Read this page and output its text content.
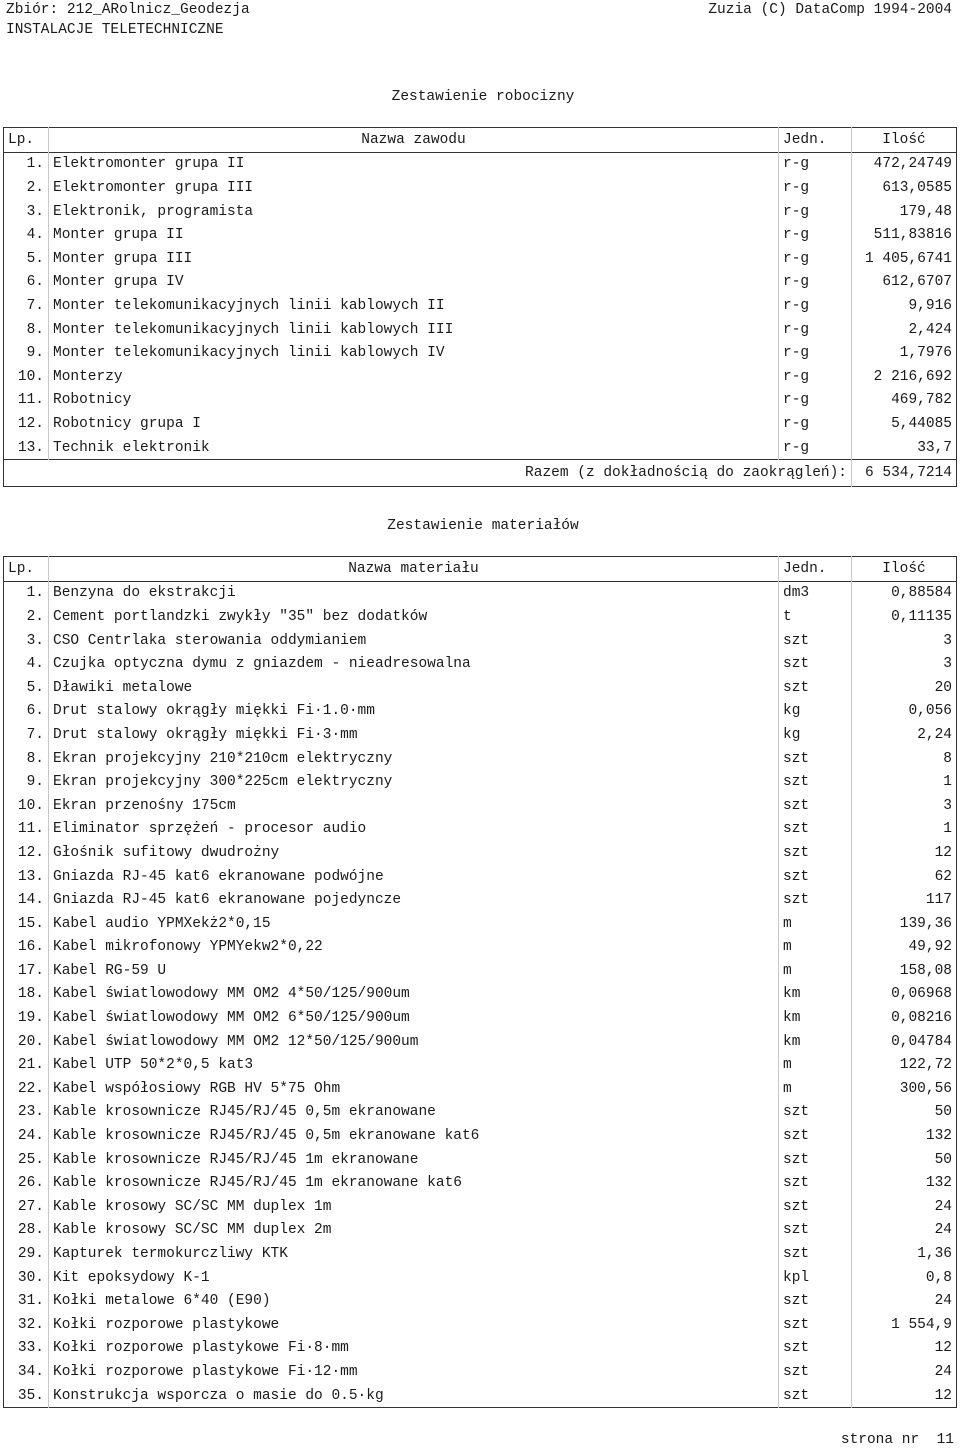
Zbiór: 212_ARolnicz_Geodezja
INSTALACJE TELETECHNICZNE
Zuzia (C) DataComp 1994-2004
Zestawienie robocizny
Lp.	Nazwa zawodu	Jedn.	Ilość
1.	Elektromonter grupa II	r-g	472,24749
2.	Elektromonter grupa III	r-g	613,0585
3.	Elektronik, programista	r-g	179,48
4.	Monter grupa II	r-g	511,83816
5.	Monter grupa III	r-g	1 405,6741
6.	Monter grupa IV	r-g	612,6707
7.	Monter telekomunikacyjnych linii kablowych II	r-g	9,916
8.	Monter telekomunikacyjnych linii kablowych III	r-g	2,424
9.	Monter telekomunikacyjnych linii kablowych IV	r-g	1,7976
10.	Monterzy	r-g	2 216,692
11.	Robotnicy	r-g	469,782
12.	Robotnicy grupa I	r-g	5,44085
13.	Technik elektronik	r-g	33,7
Razem (z dokładnością do zaokrągleń):			6 534,7214
Zestawienie materiałów
Lp.	Nazwa materiału	Jedn.	Ilość
1.	Benzyna do ekstrakcji	dm3	0,88584
2.	Cement portlandzki zwykły "35" bez dodatków	t	0,11135
3.	CSO Centrlaka sterowania oddymianiem	szt	3
4.	Czujka optyczna dymu z gniazdem - nieadresowalna	szt	3
5.	Dławiki metalowe	szt	20
6.	Drut stalowy okrągły miękki Fi·1.0·mm	kg	0,056
7.	Drut stalowy okrągły miękki Fi·3·mm	kg	2,24
8.	Ekran projekcyjny 210*210cm elektryczny	szt	8
9.	Ekran projekcyjny 300*225cm elektryczny	szt	1
10.	Ekran przenośny 175cm	szt	3
11.	Eliminator sprzężeń - procesor audio	szt	1
12.	Głośnik sufitowy dwudrożny	szt	12
13.	Gniazda RJ-45 kat6 ekranowane podwójne	szt	62
14.	Gniazda RJ-45 kat6 ekranowane pojedyncze	szt	117
15.	Kabel audio YPMXekż2*0,15	m	139,36
16.	Kabel mikrofonowy YPMYekw2*0,22	m	49,92
17.	Kabel RG-59 U	m	158,08
18.	Kabel światlowodowy MM OM2 4*50/125/900um	km	0,06968
19.	Kabel światlowodowy MM OM2 6*50/125/900um	km	0,08216
20.	Kabel światlowodowy MM OM2 12*50/125/900um	km	0,04784
21.	Kabel UTP 50*2*0,5 kat3	m	122,72
22.	Kabel współosiowy RGB HV 5*75 Ohm	m	300,56
23.	Kable krosownicze RJ45/RJ/45 0,5m ekranowane	szt	50
24.	Kable krosownicze RJ45/RJ/45 0,5m ekranowane kat6	szt	132
25.	Kable krosownicze RJ45/RJ/45 1m ekranowane	szt	50
26.	Kable krosownicze RJ45/RJ/45 1m ekranowane kat6	szt	132
27.	Kable krosowy SC/SC MM duplex 1m	szt	24
28.	Kable krosowy SC/SC MM duplex 2m	szt	24
29.	Kapturek termokurczliwy KTK	szt	1,36
30.	Kit epoksydowy K-1	kpl	0,8
31.	Kołki metalowe 6*40 (E90)	szt	24
32.	Kołki rozporowe plastykowe	szt	1 554,9
33.	Kołki rozporowe plastykowe Fi·8·mm	szt	12
34.	Kołki rozporowe plastykowe Fi·12·mm	szt	24
35.	Konstrukcja wsporcza o masie do 0.5·kg	szt	12
strona nr  11
